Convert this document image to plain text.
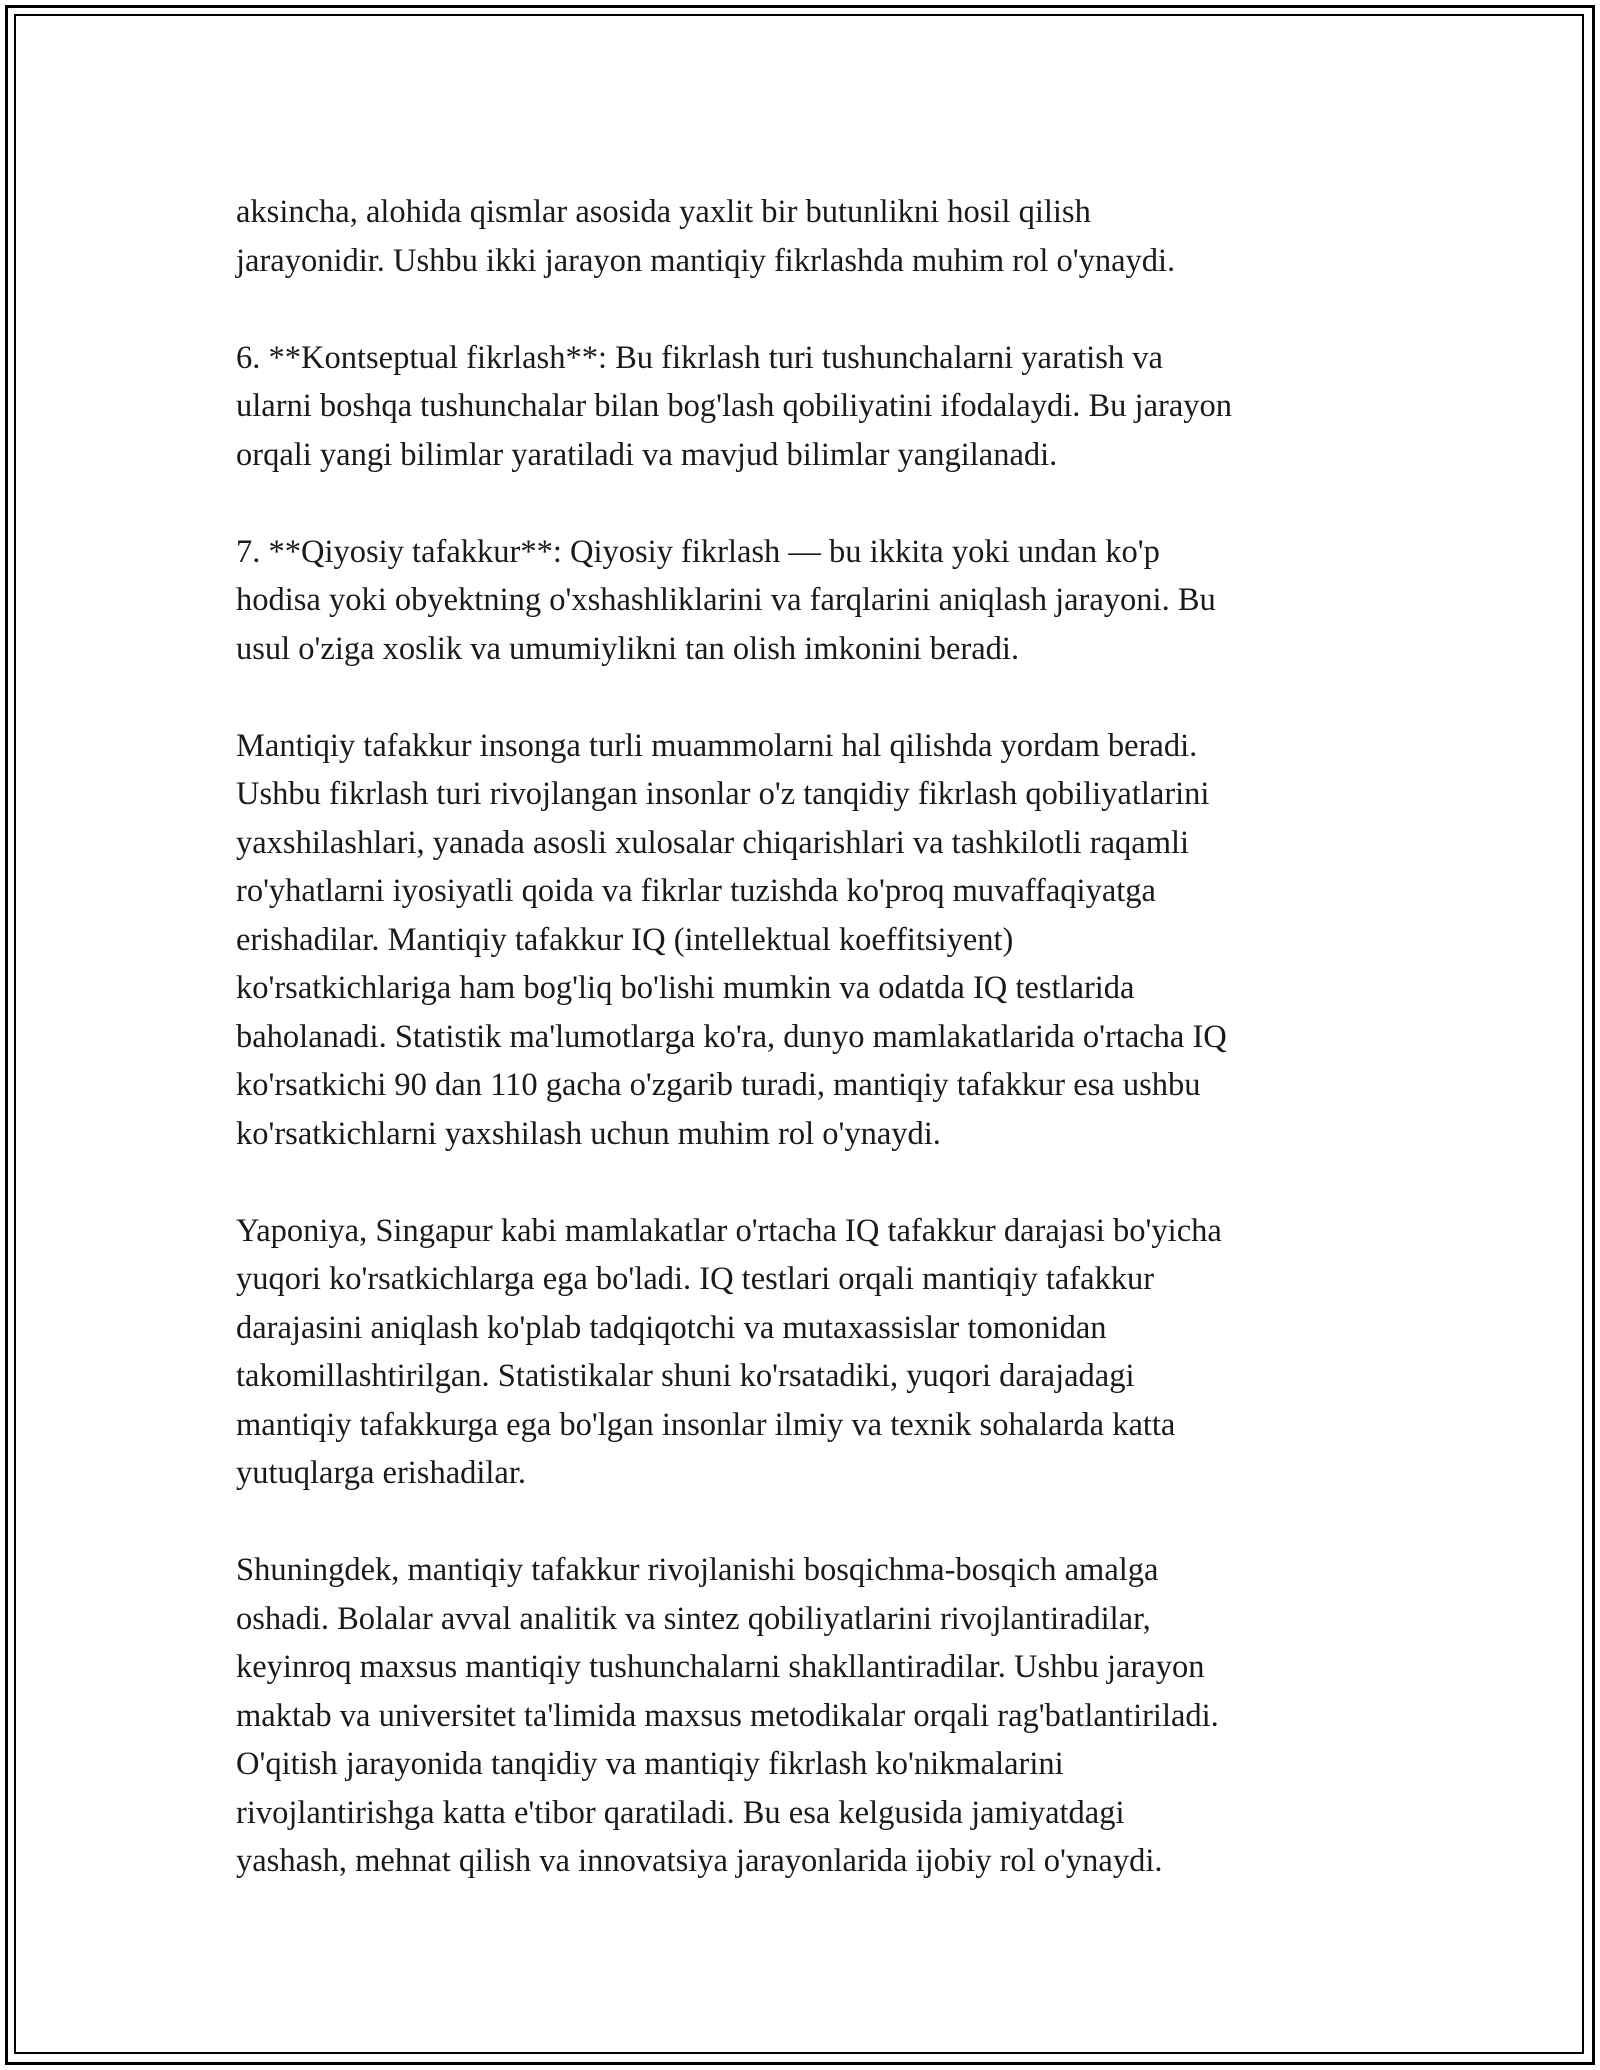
aksincha, alohida qismlar asosida yaxlit bir butunlikni hosil qilish
jarayonidir. Ushbu ikki jarayon mantiqiy fikrlashda muhim rol o'ynaydi.

6. **Kontseptual fikrlash**: Bu fikrlash turi tushunchalarni yaratish va
ularni boshqa tushunchalar bilan bog'lash qobiliyatini ifodalaydi. Bu jarayon
orqali yangi bilimlar yaratiladi va mavjud bilimlar yangilanadi.

7. **Qiyosiy tafakkur**: Qiyosiy fikrlash — bu ikkita yoki undan ko'p
hodisa yoki obyektning o'xshashliklarini va farqlarini aniqlash jarayoni. Bu
usul o'ziga xoslik va umumiylikni tan olish imkonini beradi.

Mantiqiy tafakkur insonga turli muammolarni hal qilishda yordam beradi.
Ushbu fikrlash turi rivojlangan insonlar o'z tanqidiy fikrlash qobiliyatlarini
yaxshilashlari, yanada asosli xulosalar chiqarishlari va tashkilotli raqamli
ro'yhatlarni iyosiyatli qoida va fikrlar tuzishda ko'proq muvaffaqiyatga
erishadilar. Mantiqiy tafakkur IQ (intellektual koeffitsiyent)
ko'rsatkichlariga ham bog'liq bo'lishi mumkin va odatda IQ testlarida
baholanadi. Statistik ma'lumotlarga ko'ra, dunyo mamlakatlarida o'rtacha IQ
ko'rsatkichi 90 dan 110 gacha o'zgarib turadi, mantiqiy tafakkur esa ushbu
ko'rsatkichlarni yaxshilash uchun muhim rol o'ynaydi.

Yaponiya, Singapur kabi mamlakatlar o'rtacha IQ tafakkur darajasi bo'yicha
yuqori ko'rsatkichlarga ega bo'ladi. IQ testlari orqali mantiqiy tafakkur
darajasini aniqlash ko'plab tadqiqotchi va mutaxassislar tomonidan
takomillashtirilgan. Statistikalar shuni ko'rsatadiki, yuqori darajadagi
mantiqiy tafakkurga ega bo'lgan insonlar ilmiy va texnik sohalarda katta
yutuqlarga erishadilar.

Shuningdek, mantiqiy tafakkur rivojlanishi bosqichma-bosqich amalga
oshadi. Bolalar avval analitik va sintez qobiliyatlarini rivojlantiradilar,
keyinroq maxsus mantiqiy tushunchalarni shakllantiradilar. Ushbu jarayon
maktab va universitet ta'limida maxsus metodikalar orqali rag'batlantiriladi.
O'qitish jarayonida tanqidiy va mantiqiy fikrlash ko'nikmalarini
rivojlantirishga katta e'tibor qaratiladi. Bu esa kelgusida jamiyatdagi
yashash, mehnat qilish va innovatsiya jarayonlarida ijobiy rol o'ynaydi.
